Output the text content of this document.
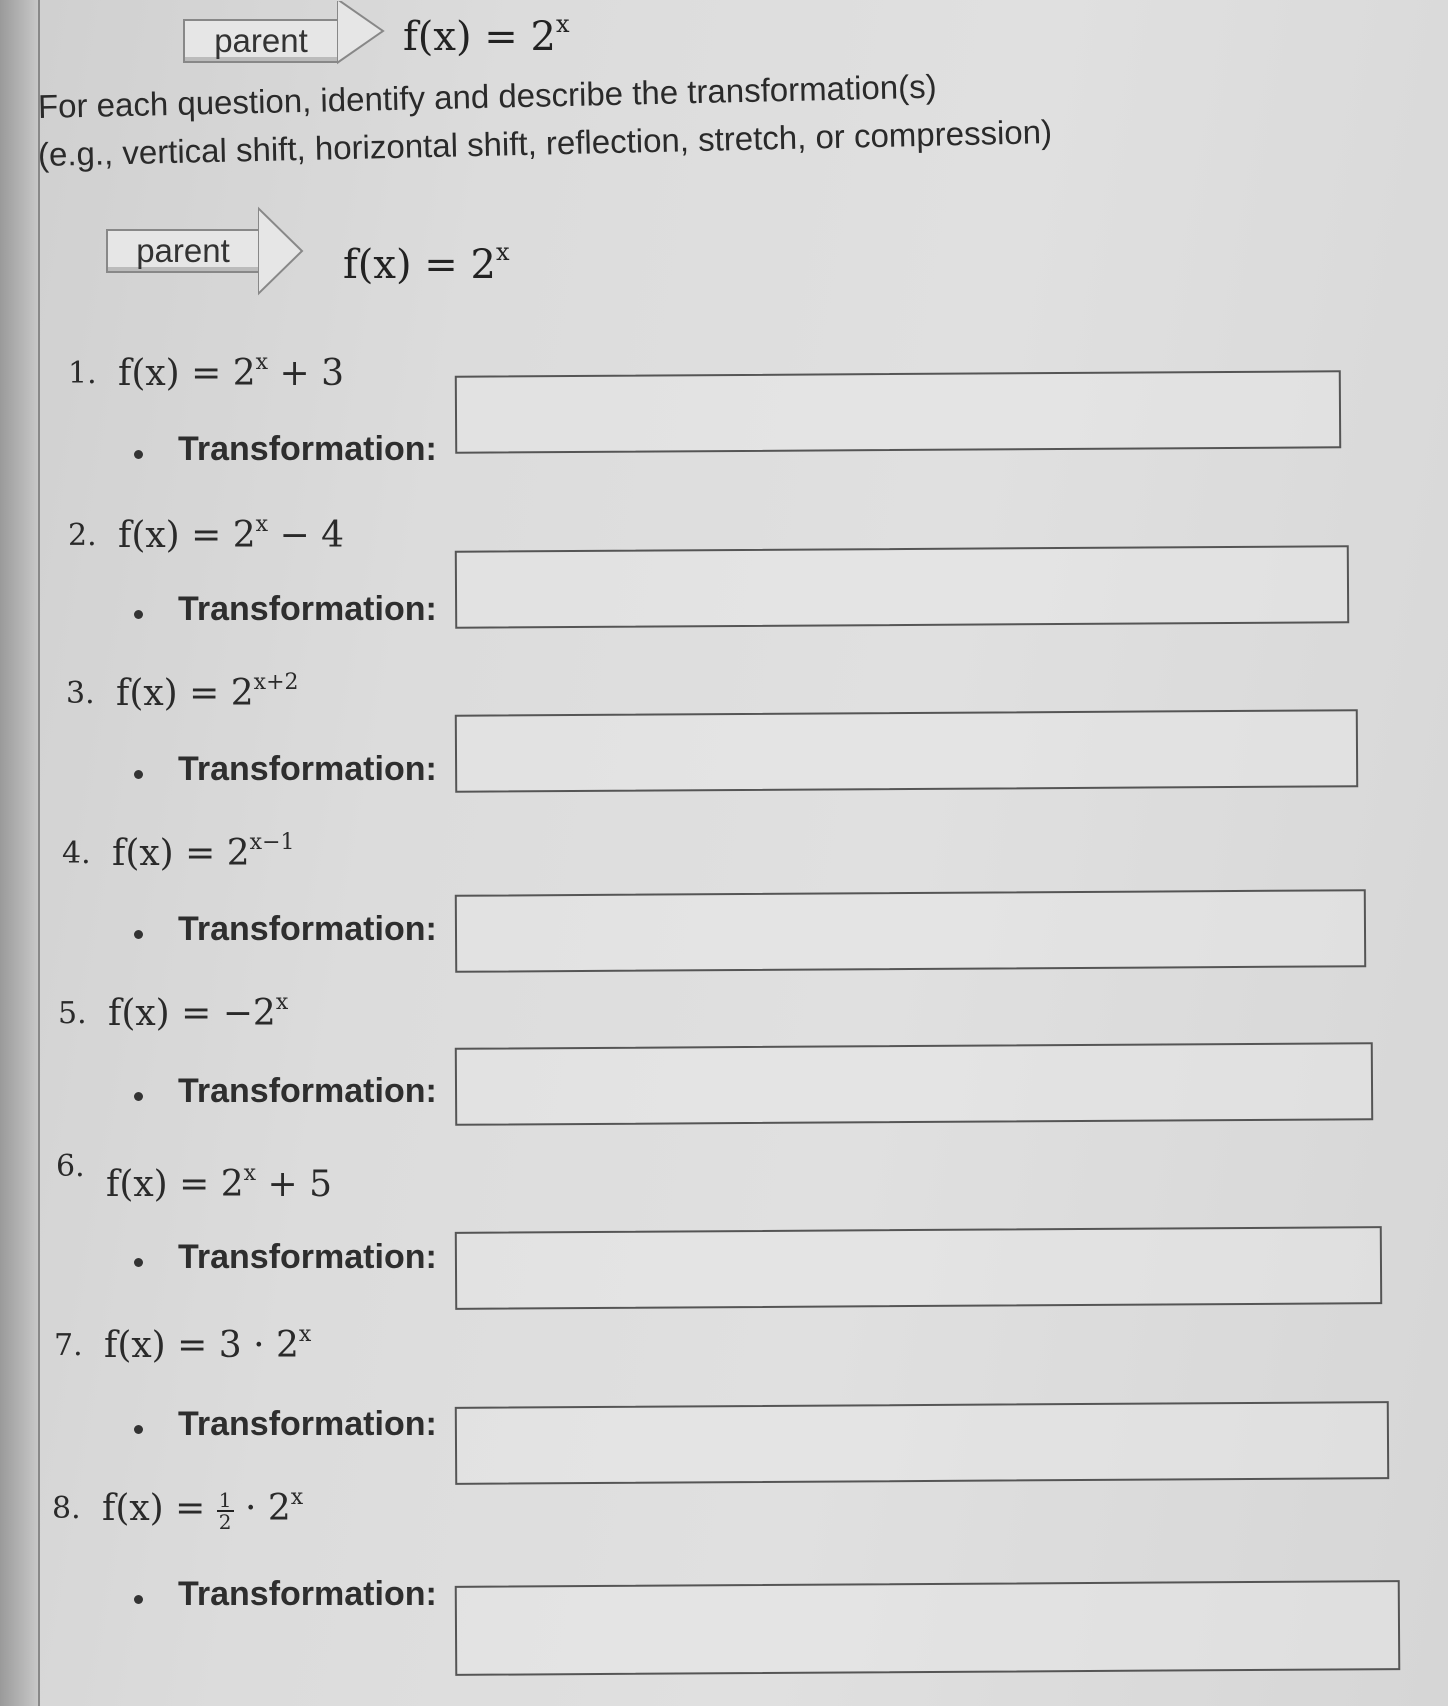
parent	$f(x) = 2^x$
For each question, identify and describe the transformation(s)
(e.g., vertical shift, horizontal shift, reflection, stretch, or compression)
parent	$f(x) = 2^x$
1. $f(x) = 2^x + 3$
Transformation:
2. $f(x) = 2^x - 4$
Transformation:
3. $f(x) = 2^{x+2}$
Transformation:
4. $f(x) = 2^{x-1}$
Transformation:
5. $f(x) = -2^x$
Transformation:
6. $f(x) = 2^x + 5$
Transformation:
7. $f(x) = 3 \cdot 2^x$
Transformation:
8. $f(x) = \frac{1}{2} \cdot 2^x$
Transformation:
